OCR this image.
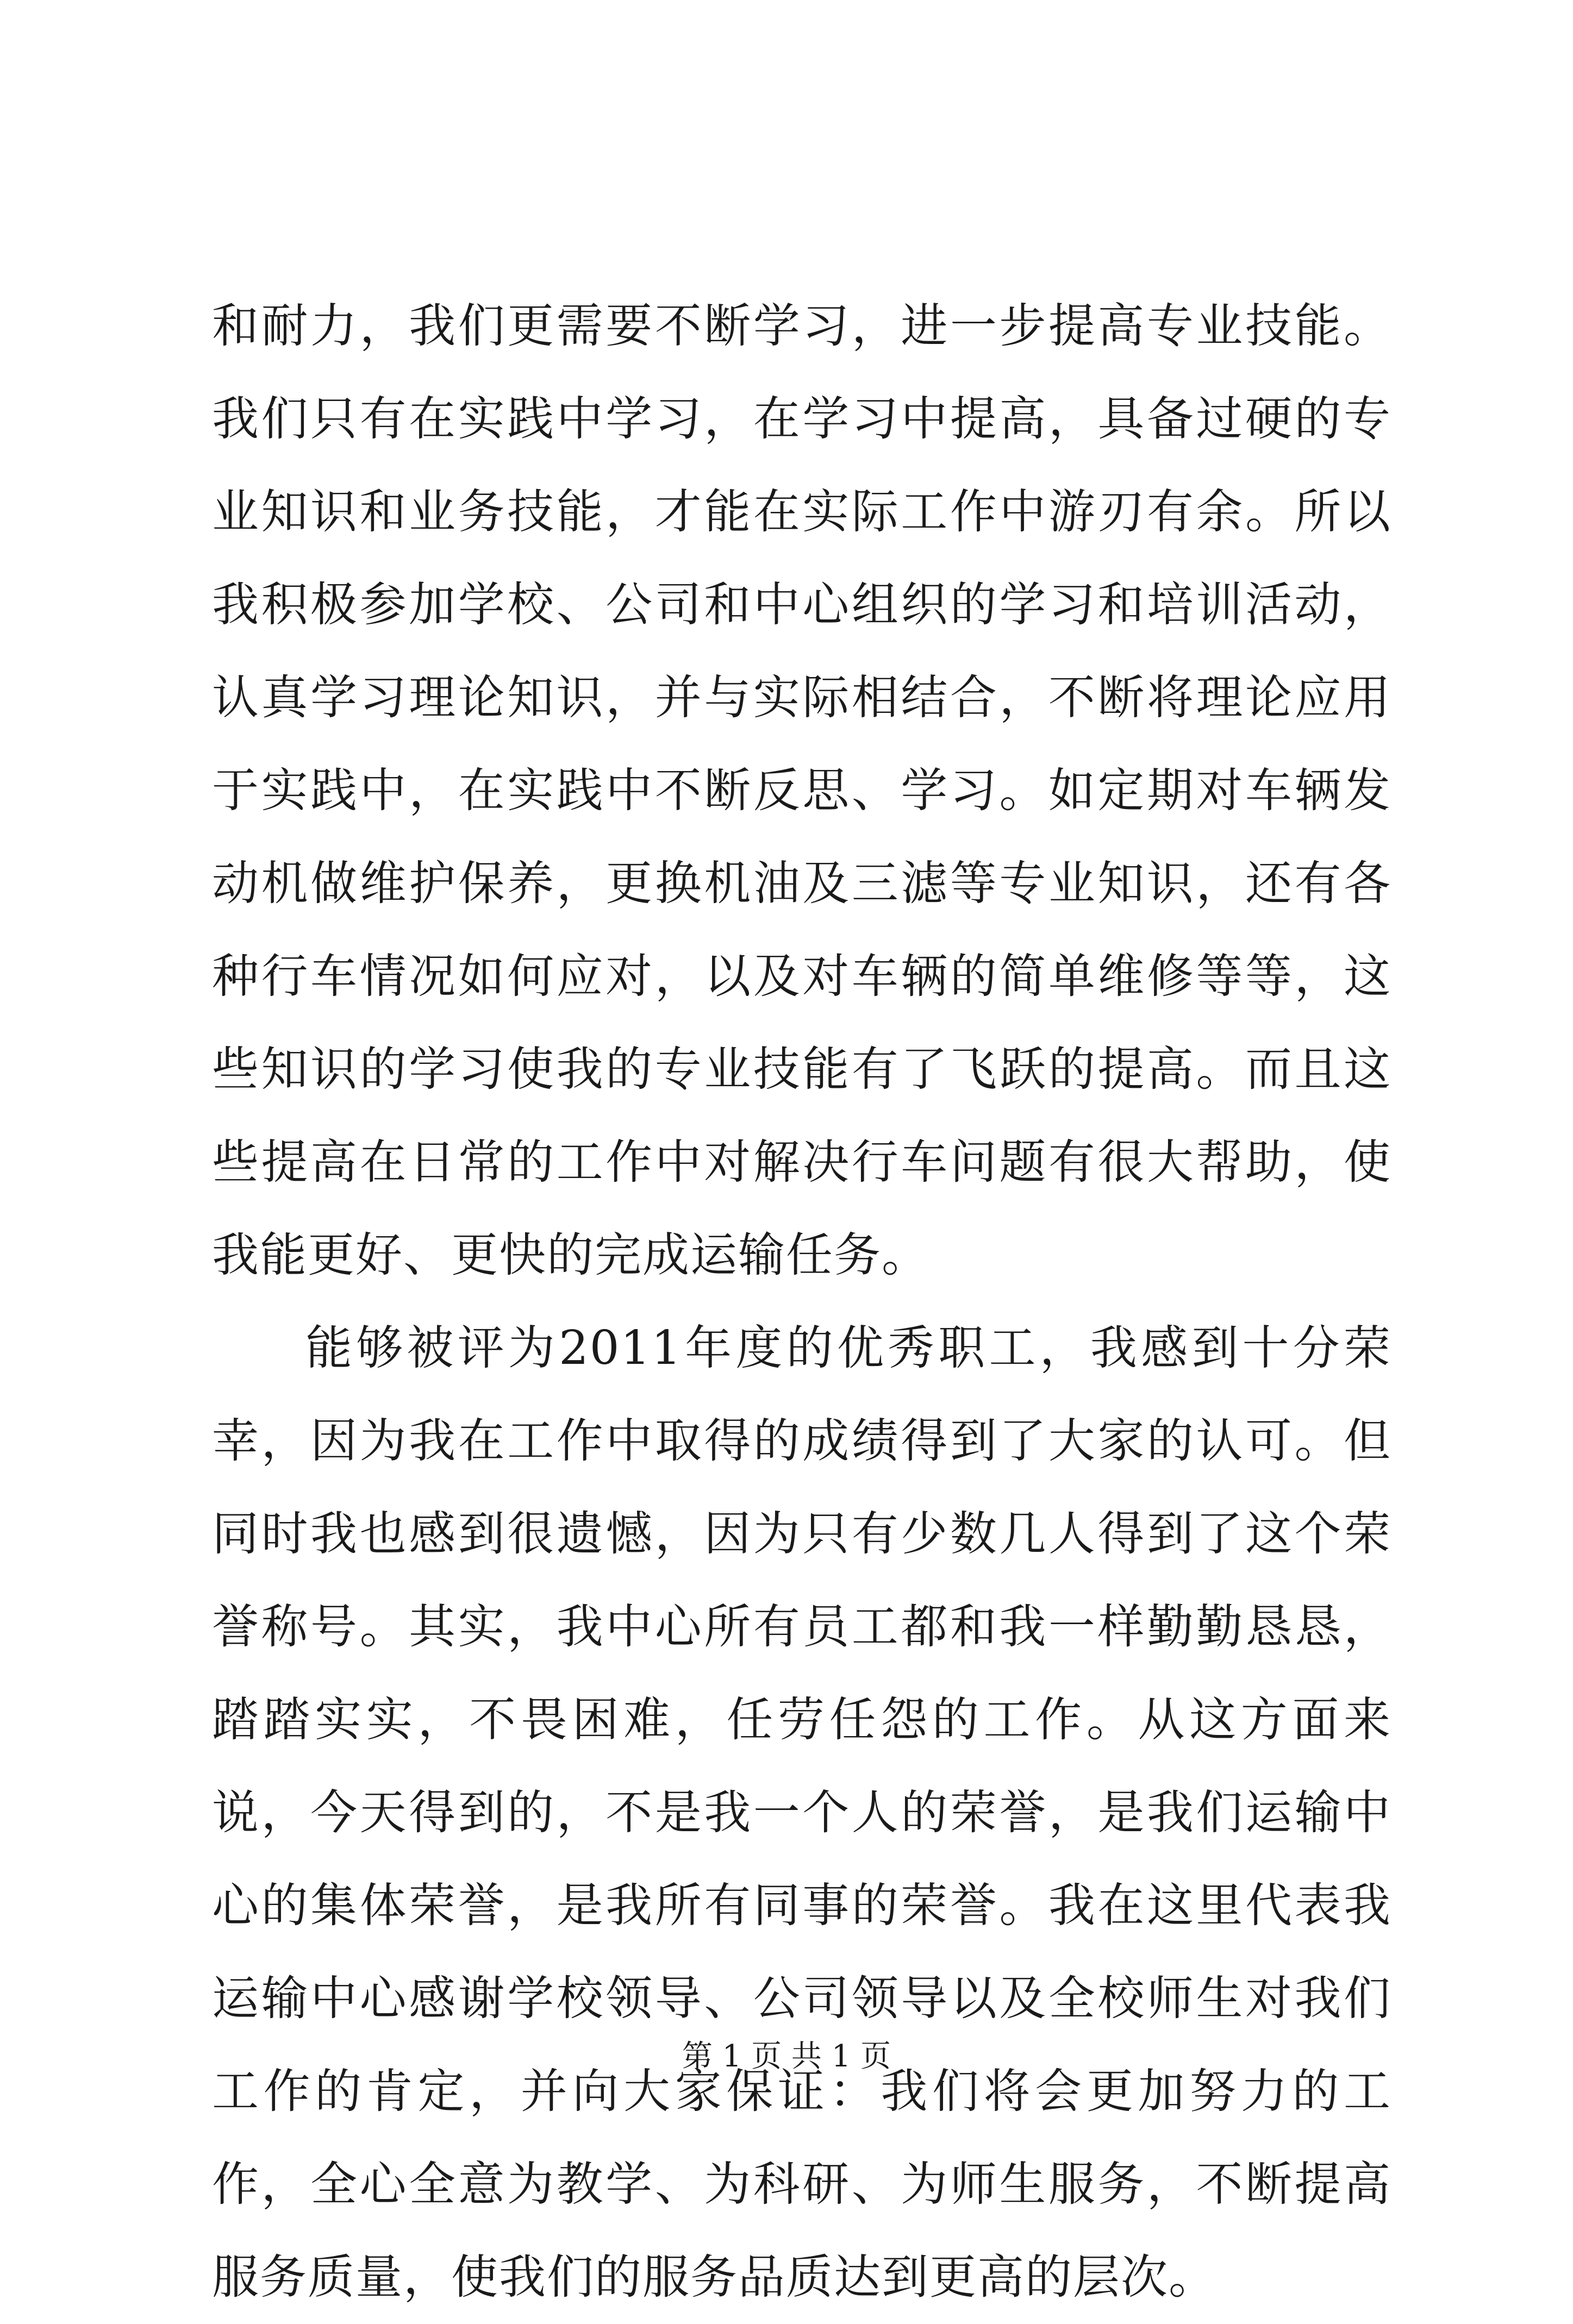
和耐力，我们更需要不断学习，进一步提高专业技能。我们只有在实践中学习，在学习中提高，具备过硬的专业知识和业务技能，才能在实际工作中游刃有余。所以我积极参加学校、公司和中心组织的学习和培训活动，认真学习理论知识，并与实际相结合，不断将理论应用于实践中，在实践中不断反思、学习。如定期对车辆发动机做维护保养，更换机油及三滤等专业知识，还有各种行车情况如何应对，以及对车辆的简单维修等等，这些知识的学习使我的专业技能有了飞跃的提高。而且这些提高在日常的工作中对解决行车问题有很大帮助，使我能更好、更快的完成运输任务。

能够被评为2011年度的优秀职工，我感到十分荣幸，因为我在工作中取得的成绩得到了大家的认可。但同时我也感到很遗憾，因为只有少数几人得到了这个荣誉称号。其实，我中心所有员工都和我一样勤勤恳恳，踏踏实实，不畏困难，任劳任怨的工作。从这方面来说，今天得到的，不是我一个人的荣誉，是我们运输中心的集体荣誉，是我所有同事的荣誉。我在这里代表我运输中心感谢学校领导、公司领导以及全校师生对我们工作的肯定，并向大家保证：我们将会更加努力的工作，全心全意为教学、为科研、为师生服务，不断提高服务质量，使我们的服务品质达到更高的层次。

第 1 页 共 1 页
